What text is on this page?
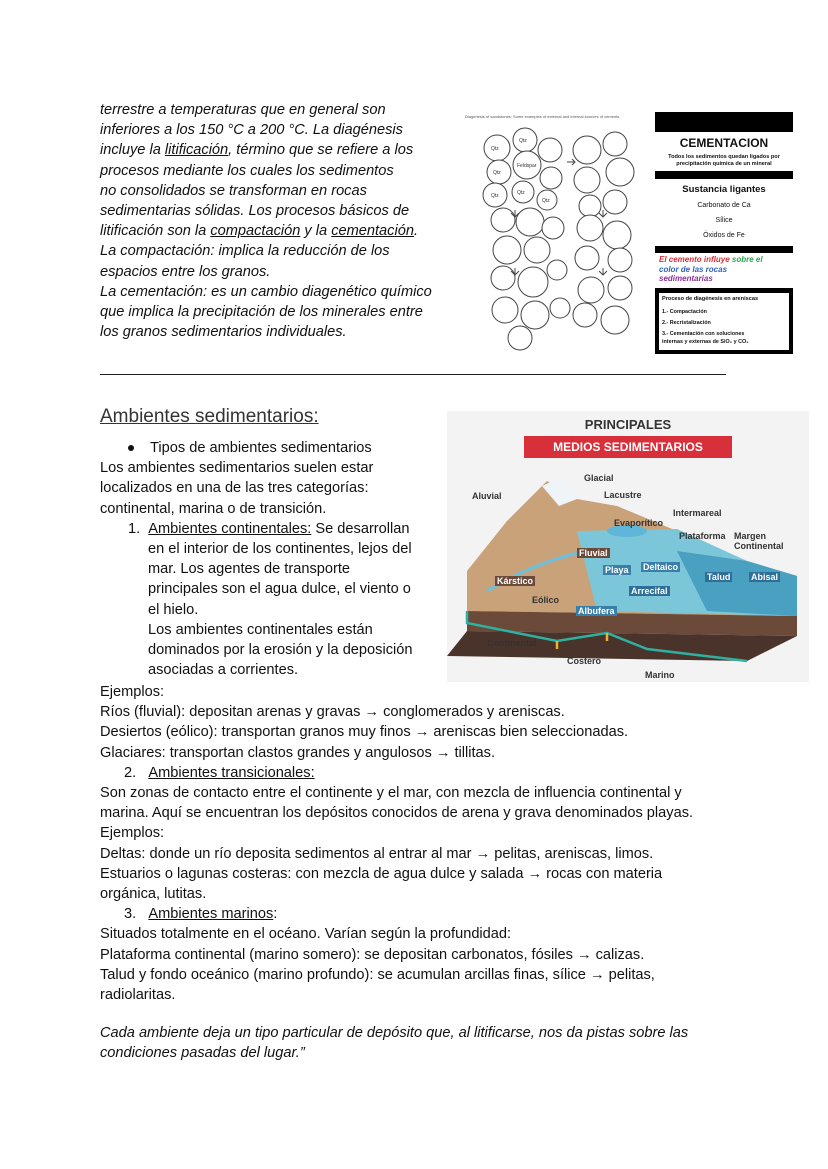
terrestre a temperaturas que en general son
inferiores a los 150 °C a 200 °C. La diagénesis
incluye la litificación, término que se refiere a los
procesos mediante los cuales los sedimentos
no consolidados se transforman en rocas
sedimentarias sólidas. Los procesos básicos de
litificación son la compactación y la cementación.
La compactación: implica la reducción de los
espacios entre los granos.
La cementación: es un cambio diagenético químico
que implica la precipitación de los minerales entre
los granos sedimentarios individuales.
Diagenesis of sandstones: Some examples of external and internal sources of cements
Qtz
Qtz
Feldspar
Qtz
Qtz	Qtz
Qtz
CEMENTACION
Todos los sedimentos quedan ligados por precipitación química de un mineral
Sustancia ligantes
Carbonato de Ca
Sílice
Óxidos de Fe
El cemento influye sobre el
color de las rocas
sedimentarias
Proceso de diagénesis en areniscas
1.- Compactación
2.- Recristalización
3.- Cementación con soluciones
internas y externas de SiO₂ y CO₃
Ambientes sedimentarios:
Tipos de ambientes sedimentarios
Los ambientes sedimentarios suelen estar
localizados en una de las tres categorías:
continental, marina o de transición.
1. Ambientes continentales: Se desarrollan
en el interior de los continentes, lejos del
mar. Los agentes de transporte
principales son el agua dulce, el viento o
el hielo.
Los ambientes continentales están
dominados por la erosión y la deposición
asociadas a corrientes.
PRINCIPALES
MEDIOS SEDIMENTARIOS
Glacial
Aluvial	Lacustre
Intermareal
Evaporítico
Plataforma Margen
Continental
Fluvial
Playa Deltaico
Talud Abisal
Kárstico
Arrecifal
Eólico
Albufera
Continental
Costero
Marino
Ejemplos:
Ríos (fluvial): depositan arenas y gravas → conglomerados y areniscas.
Desiertos (eólico): transportan granos muy finos → areniscas bien seleccionadas.
Glaciares: transportan clastos grandes y angulosos → tillitas.
2. Ambientes transicionales:
Son zonas de contacto entre el continente y el mar, con mezcla de influencia continental y
marina. Aquí se encuentran los depósitos conocidos de arena y grava denominados playas.
Ejemplos:
Deltas: donde un río deposita sedimentos al entrar al mar → pelitas, areniscas, limos.
Estuarios o lagunas costeras: con mezcla de agua dulce y salada → rocas con materia
orgánica, lutitas.
3. Ambientes marinos:
Situados totalmente en el océano. Varían según la profundidad:
Plataforma continental (marino somero): se depositan carbonatos, fósiles → calizas.
Talud y fondo oceánico (marino profundo): se acumulan arcillas finas, sílice → pelitas,
radiolaritas.
Cada ambiente deja un tipo particular de depósito que, al litificarse, nos da pistas sobre las
condiciones pasadas del lugar.”
